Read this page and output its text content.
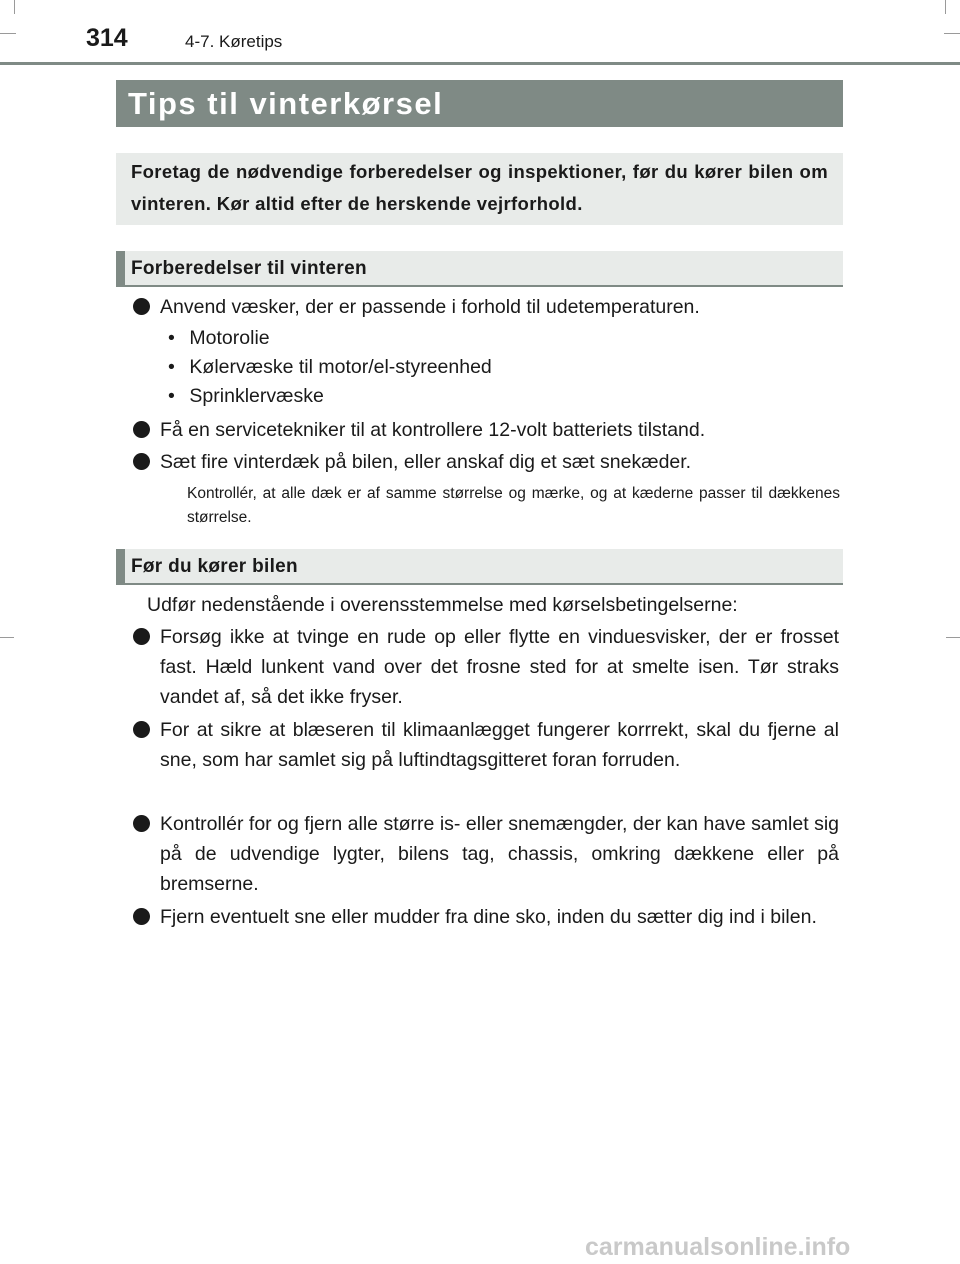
314	4-7. Køretips
Tips til vinterkørsel

Foretag de nødvendige forberedelser og inspektioner, før du kører bilen om vinteren. Kør altid efter de herskende vejrforhold.

Forberedelser til vinteren
Anvend væsker, der er passende i forhold til udetemperaturen.
• Motorolie
• Kølervæske til motor/el-styreenhed
• Sprinklervæske
Få en servicetekniker til at kontrollere 12-volt batteriets tilstand.
Sæt fire vinterdæk på bilen, eller anskaf dig et sæt snekæder.
Kontrollér, at alle dæk er af samme størrelse og mærke, og at kæderne passer til dækkenes størrelse.
Før du kører bilen
Udfør nedenstående i overensstemmelse med kørselsbetingelserne:
Forsøg ikke at tvinge en rude op eller flytte en vinduesvisker, der er frosset fast. Hæld lunkent vand over det frosne sted for at smelte isen. Tør straks vandet af, så det ikke fryser.
For at sikre at blæseren til klimaanlægget fungerer korrrekt, skal du fjerne al sne, som har samlet sig på luftindtagsgitteret foran forruden.
Kontrollér for og fjern alle større is- eller snemængder, der kan have samlet sig på de udvendige lygter, bilens tag, chassis, omkring dækkene eller på bremserne.
Fjern eventuelt sne eller mudder fra dine sko, inden du sætter dig ind i bilen.
carmanualsonline.info
